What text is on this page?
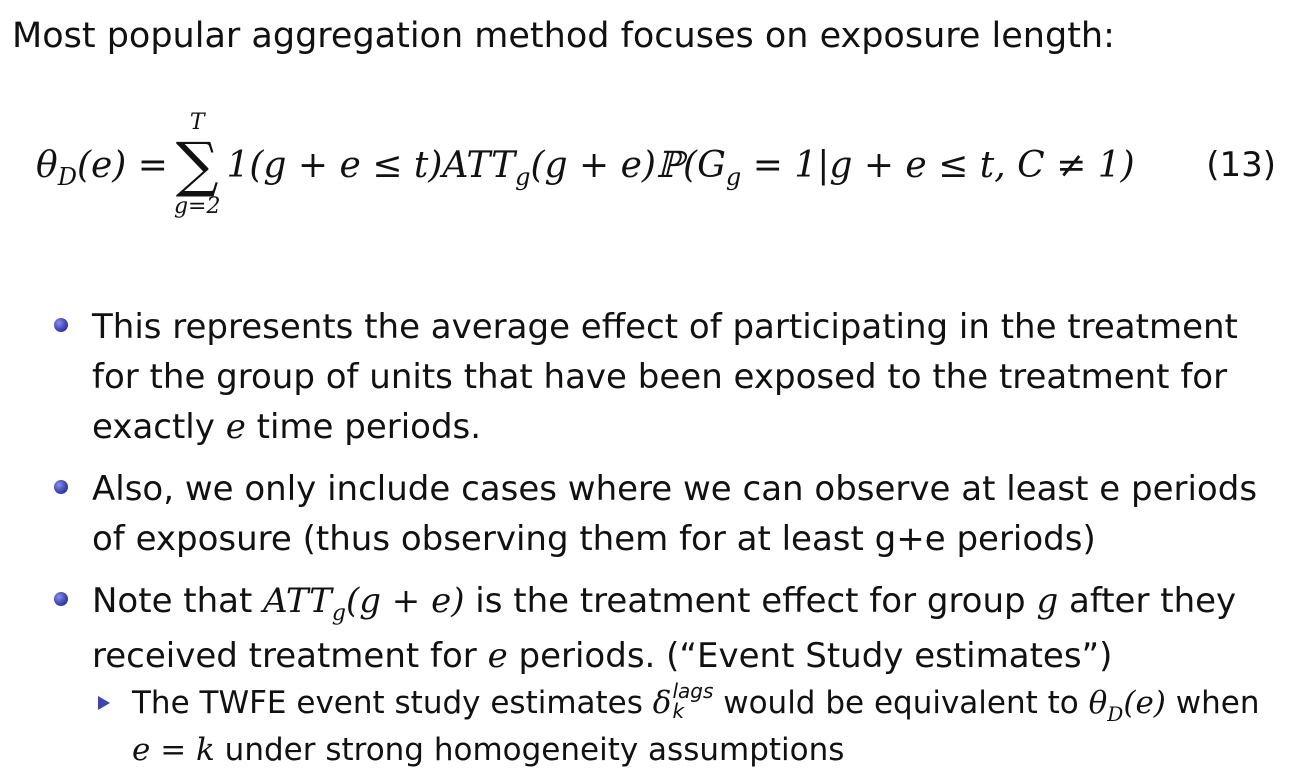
Most popular aggregation method focuses on exposure length:
θ D (e) =
T
∑
g=2
1(g + e ≤ t)ATT g (g + e)ℙ(G g
= 1|g + e ≤ t, C ≠ 1) (13)
This represents the average effect of participating in the treatment for the group of units that have been exposed to the treatment for exactly e time periods.
Also, we only include cases where we can observe at least e periods of exposure (thus observing them for at least g+e periods)
Note that $ATT_g(g + e)$ is the treatment effect for group g after they received treatment for e periods. (“Event Study estimates”)
The TWFE event study estimates δ lags
k would be equivalent to $\theta_D(e)$ when e = k under strong homogeneity assumptions
